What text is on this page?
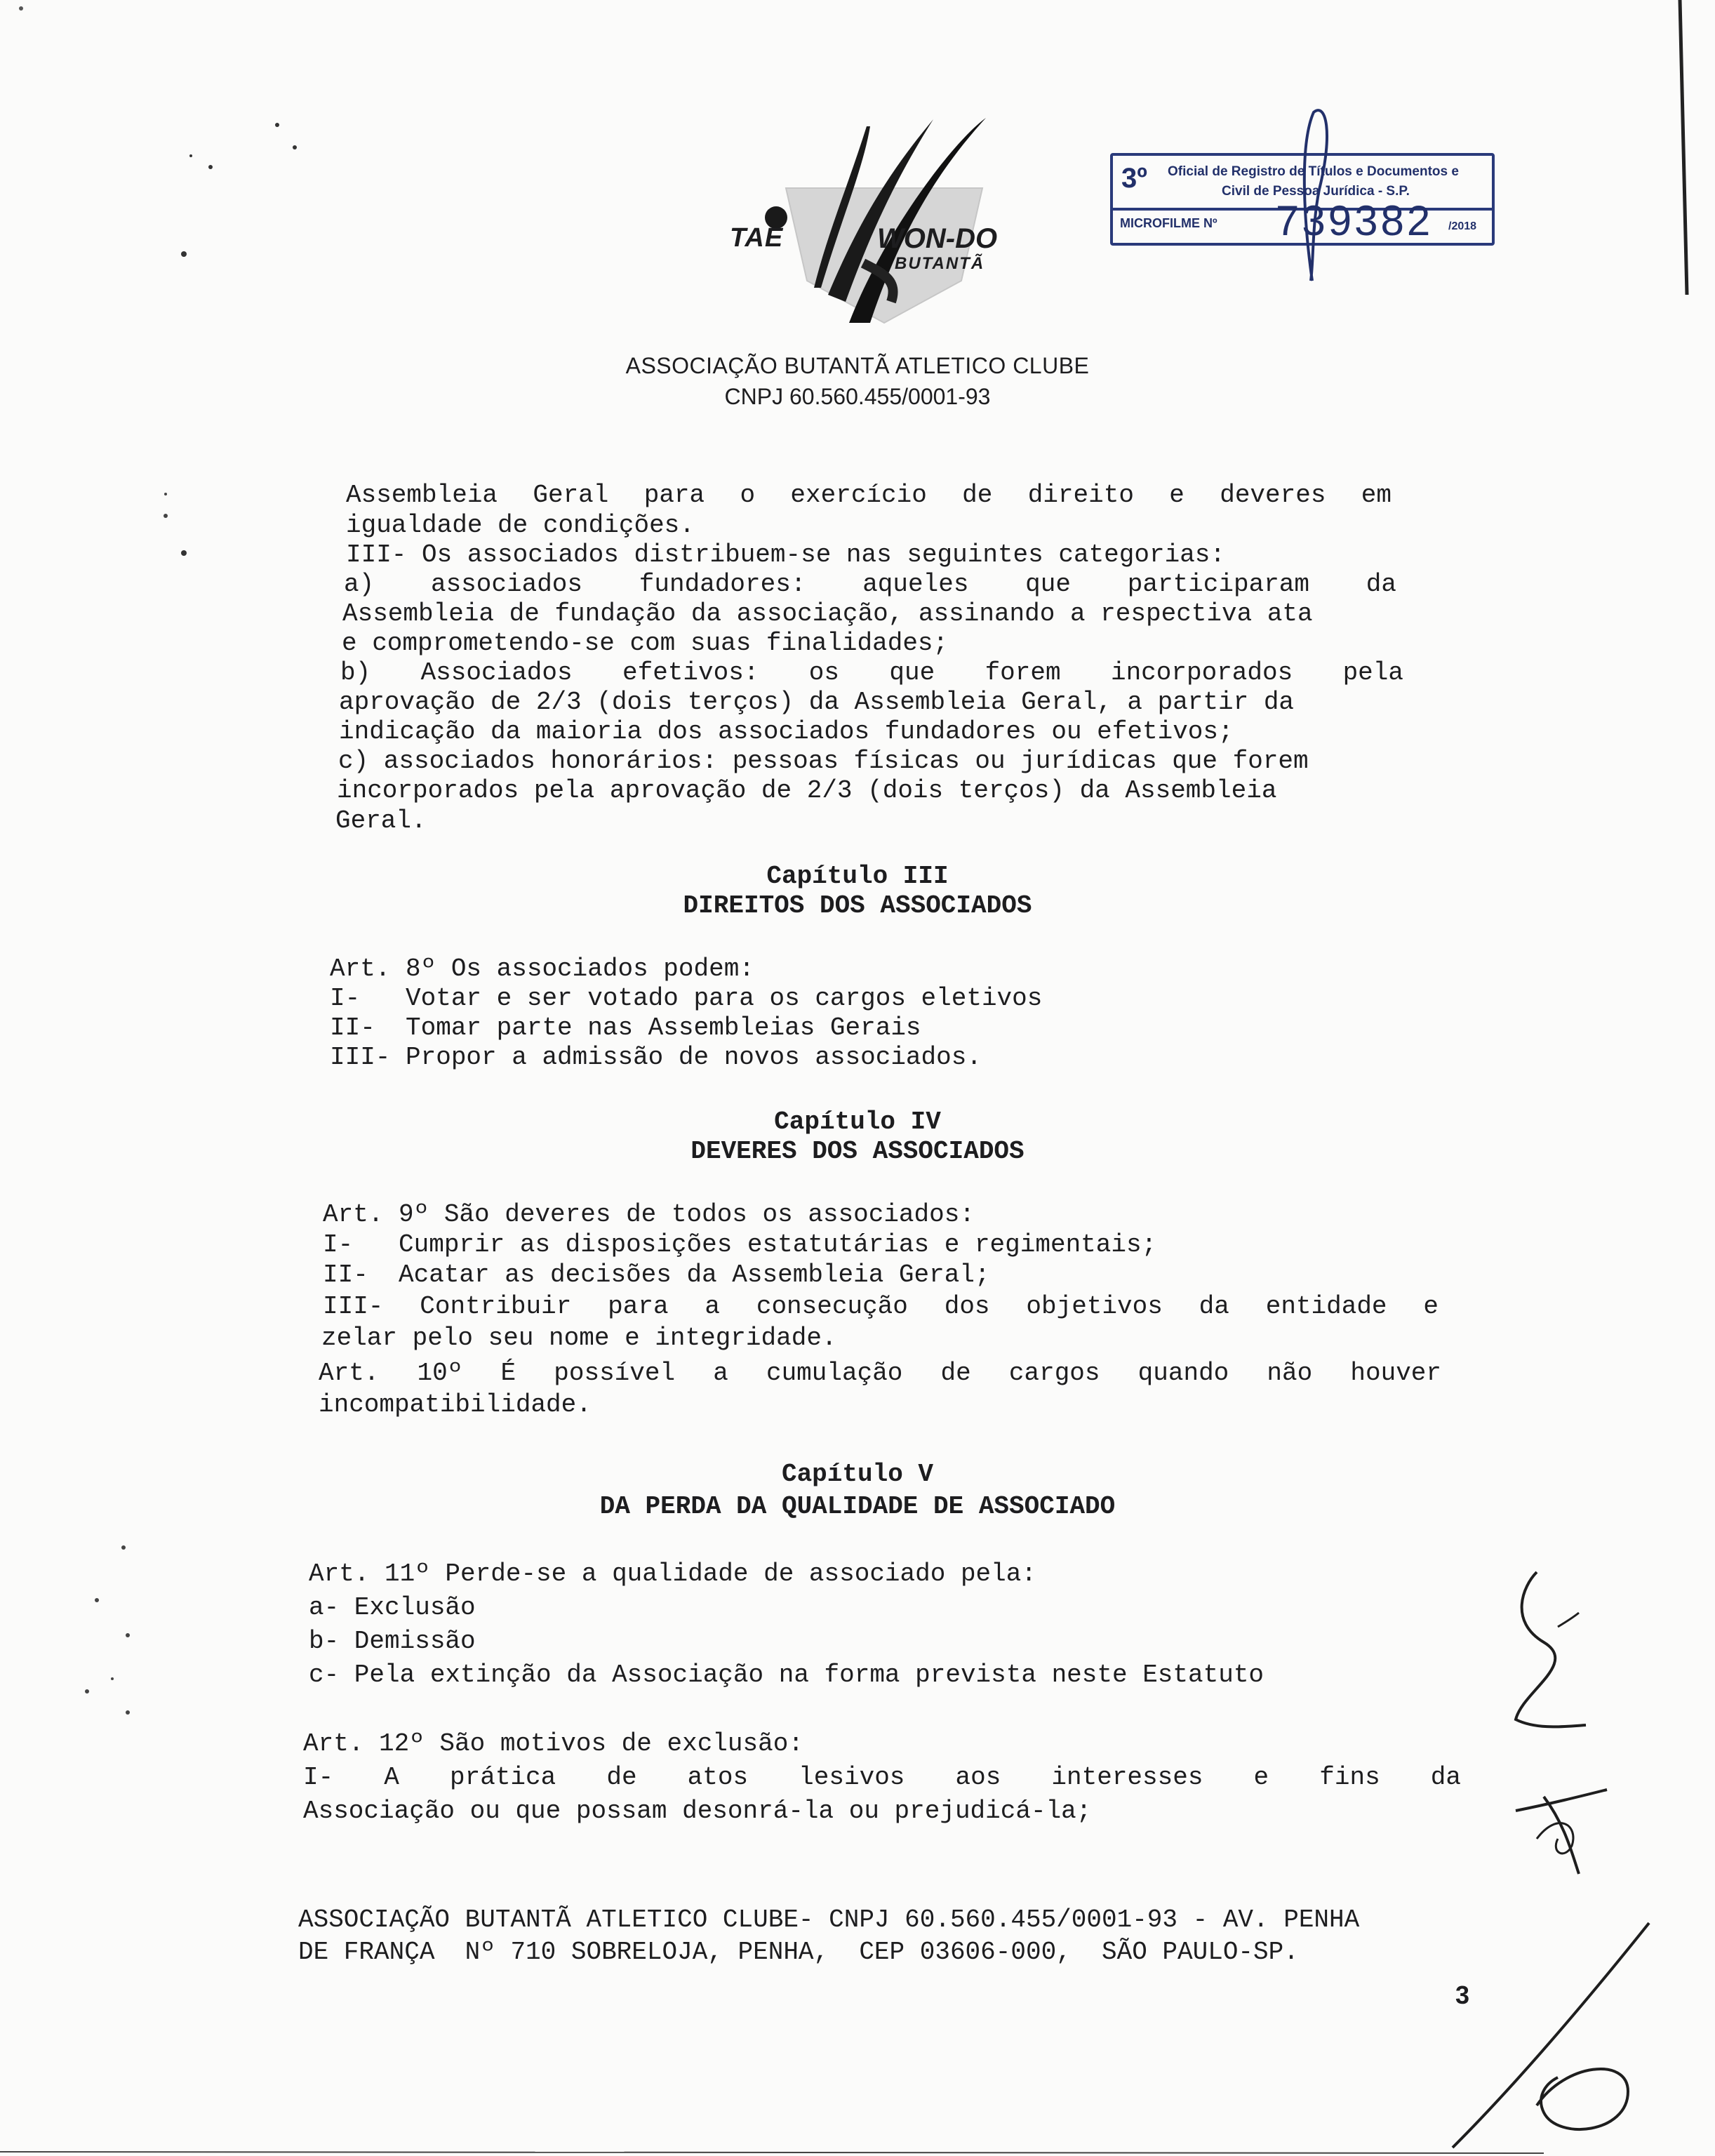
TAE	WON-DO
BUTANTÃ
3º Oficial de Registro de Títulos e Documentos e
Civil de Pessoa Jurídica - S.P.
MICROFILME Nº 739382 /2018
ASSOCIAÇÃO BUTANTÃ ATLETICO CLUBE
CNPJ 60.560.455/0001-93
Assembleia Geral para o exercício de direito e deveres em
igualdade de condições.
III- Os associados distribuem-se nas seguintes categorias:
a) associados fundadores: aqueles que participaram da
Assembleia de fundação da associação, assinando a respectiva ata
e comprometendo-se com suas finalidades;
b) Associados efetivos: os que forem incorporados pela
aprovação de 2/3 (dois terços) da Assembleia Geral, a partir da
indicação da maioria dos associados fundadores ou efetivos;
c) associados honorários: pessoas físicas ou jurídicas que forem
incorporados pela aprovação de 2/3 (dois terços) da Assembleia
Geral.
Capítulo III
DIREITOS DOS ASSOCIADOS
Art. 8º Os associados podem:
I-   Votar e ser votado para os cargos eletivos
II-  Tomar parte nas Assembleias Gerais
III- Propor a admissão de novos associados.
Capítulo IV
DEVERES DOS ASSOCIADOS
Art. 9º São deveres de todos os associados:
I-   Cumprir as disposições estatutárias e regimentais;
II-  Acatar as decisões da Assembleia Geral;
III- Contribuir para a consecução dos objetivos da entidade e
zelar pelo seu nome e integridade.
Art. 10º É possível a cumulação de cargos quando não houver
incompatibilidade.
Capítulo V
DA PERDA DA QUALIDADE DE ASSOCIADO
Art. 11º Perde-se a qualidade de associado pela:
a- Exclusão
b- Demissão
c- Pela extinção da Associação na forma prevista neste Estatuto
Art. 12º São motivos de exclusão:
I- A prática de atos lesivos aos interesses e fins da
Associação ou que possam desonrá-la ou prejudicá-la;
ASSOCIAÇÃO BUTANTÃ ATLETICO CLUBE- CNPJ 60.560.455/0001-93 - AV. PENHA
DE FRANÇA  Nº 710 SOBRELOJA, PENHA,  CEP 03606-000,  SÃO PAULO-SP.
3
